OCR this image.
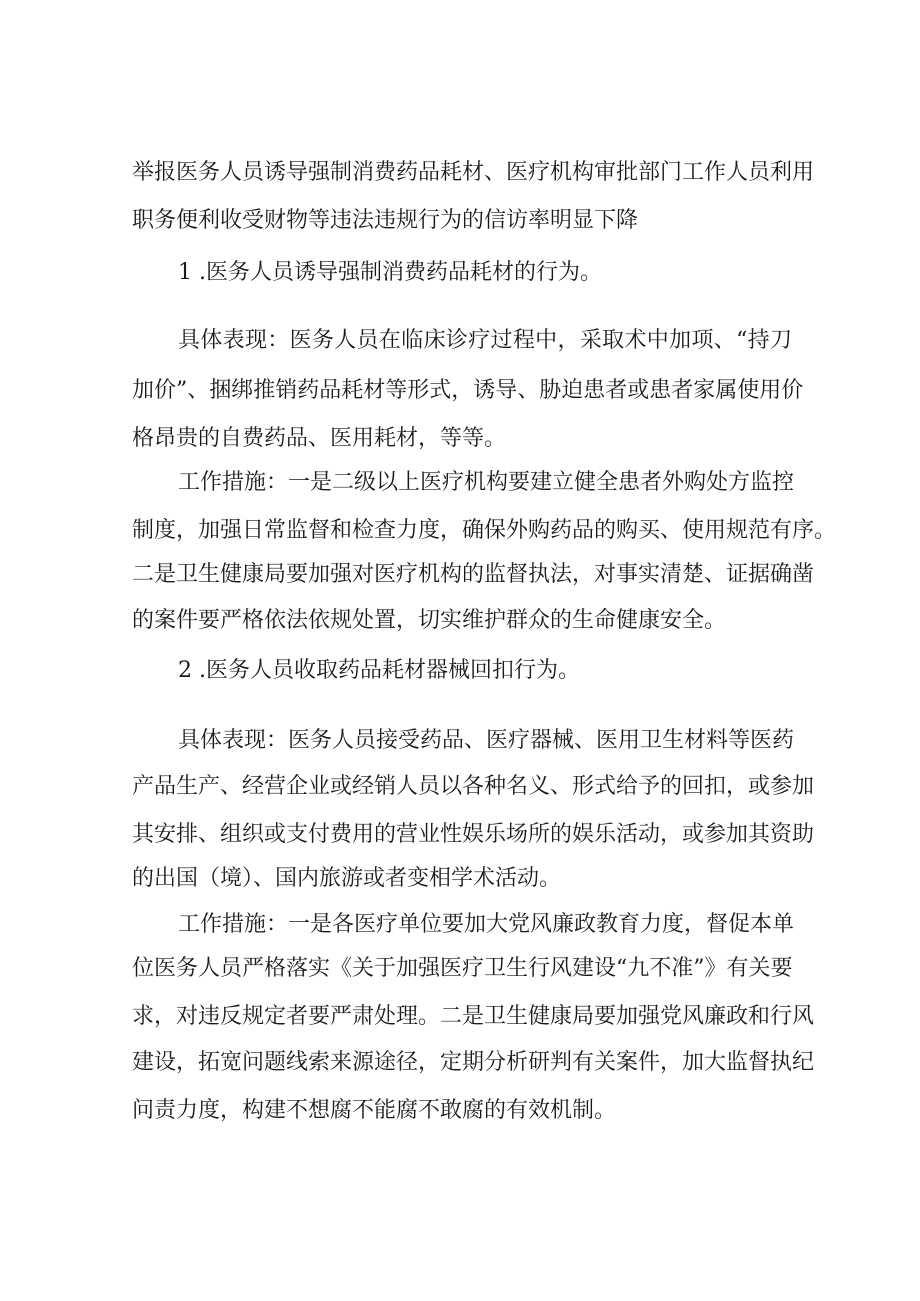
举报医务人员诱导强制消费药品耗材、医疗机构审批部门工作人员利用
职务便利收受财物等违法违规行为的信访率明显下降
1 .医务人员诱导强制消费药品耗材的行为。
具体表现：医务人员在临床诊疗过程中，采取术中加项、“持刀
加价”、捆绑推销药品耗材等形式，诱导、胁迫患者或患者家属使用价
格昂贵的自费药品、医用耗材，等等。
工作措施：一是二级以上医疗机构要建立健全患者外购处方监控
制度，加强日常监督和检查力度，确保外购药品的购买、使用规范有序。
二是卫生健康局要加强对医疗机构的监督执法，对事实清楚、证据确凿
的案件要严格依法依规处置，切实维护群众的生命健康安全。
2 .医务人员收取药品耗材器械回扣行为。
具体表现：医务人员接受药品、医疗器械、医用卫生材料等医药
产品生产、经营企业或经销人员以各种名义、形式给予的回扣，或参加
其安排、组织或支付费用的营业性娱乐场所的娱乐活动，或参加其资助
的出国（境）、国内旅游或者变相学术活动。
工作措施：一是各医疗单位要加大党风廉政教育力度，督促本单
位医务人员严格落实《关于加强医疗卫生行风建设“九不准”》有关要
求，对违反规定者要严肃处理。二是卫生健康局要加强党风廉政和行风
建设，拓宽问题线索来源途径，定期分析研判有关案件，加大监督执纪
问责力度，构建不想腐不能腐不敢腐的有效机制。
